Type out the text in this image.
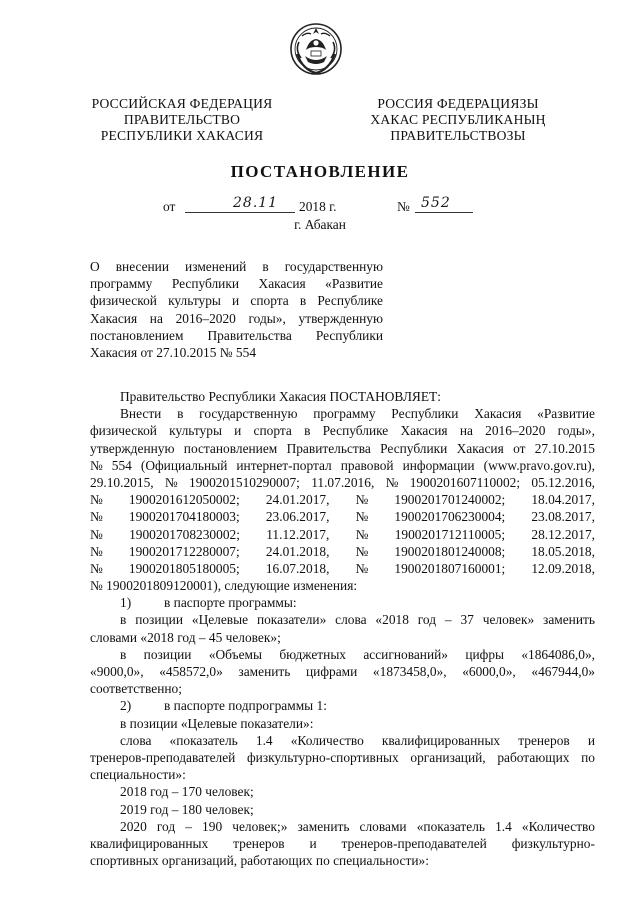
РОССИЙСКАЯ ФЕДЕРАЦИЯ
ПРАВИТЕЛЬСТВО
РЕСПУБЛИКИ ХАКАСИЯ
РОССИЯ ФЕДЕРАЦИЯЗЫ
ХАКАС РЕСПУБЛИКАНЫҢ
ПРАВИТЕЛЬСТВОЗЫ
ПОСТАНОВЛЕНИЕ
от	28.11 2018 г.	№ 552
г. Абакан
О внесении изменений в государственную
программу Республики Хакасия «Развитие
физической культуры и спорта в Республике
Хакасия на 2016–2020 годы», утвержденную
постановлением Правительства Республики
Хакасия от 27.10.2015 № 554
Правительство Республики Хакасия ПОСТАНОВЛЯЕТ:
Внести в государственную программу Республики Хакасия «Развитие
физической культуры и спорта в Республике Хакасия на 2016–2020 годы»,
утвержденную постановлением Правительства Республики Хакасия от 27.10.2015
№ 554 (Официальный интернет-портал правовой информации (www.pravo.gov.ru),
29.10.2015, № 1900201510290007; 11.07.2016, № 1900201607110002; 05.12.2016,
№ 1900201612050002; 24.01.2017, № 1900201701240002; 18.04.2017,
№ 1900201704180003; 23.06.2017, № 1900201706230004; 23.08.2017,
№ 1900201708230002; 11.12.2017, № 1900201712110005; 28.12.2017,
№ 1900201712280007; 24.01.2018, № 1900201801240008; 18.05.2018,
№ 1900201805180005; 16.07.2018, № 1900201807160001; 12.09.2018,
№ 1900201809120001), следующие изменения:
1)	в паспорте программы:
в позиции «Целевые показатели» слова «2018 год – 37 человек» заменить
словами «2018 год – 45 человек»;
в позиции «Объемы бюджетных ассигнований» цифры «1864086,0»,
«9000,0», «458572,0» заменить цифрами «1873458,0», «6000,0», «467944,0»
соответственно;
2)	в паспорте подпрограммы 1:
в позиции «Целевые показатели»:
слова «показатель 1.4 «Количество квалифицированных тренеров и
тренеров-преподавателей физкультурно-спортивных организаций, работающих по
специальности»:
2018 год – 170 человек;
2019 год – 180 человек;
2020 год – 190 человек;» заменить словами «показатель 1.4 «Количество
квалифицированных тренеров и тренеров-преподавателей физкультурно-
спортивных организаций, работающих по специальности»:
